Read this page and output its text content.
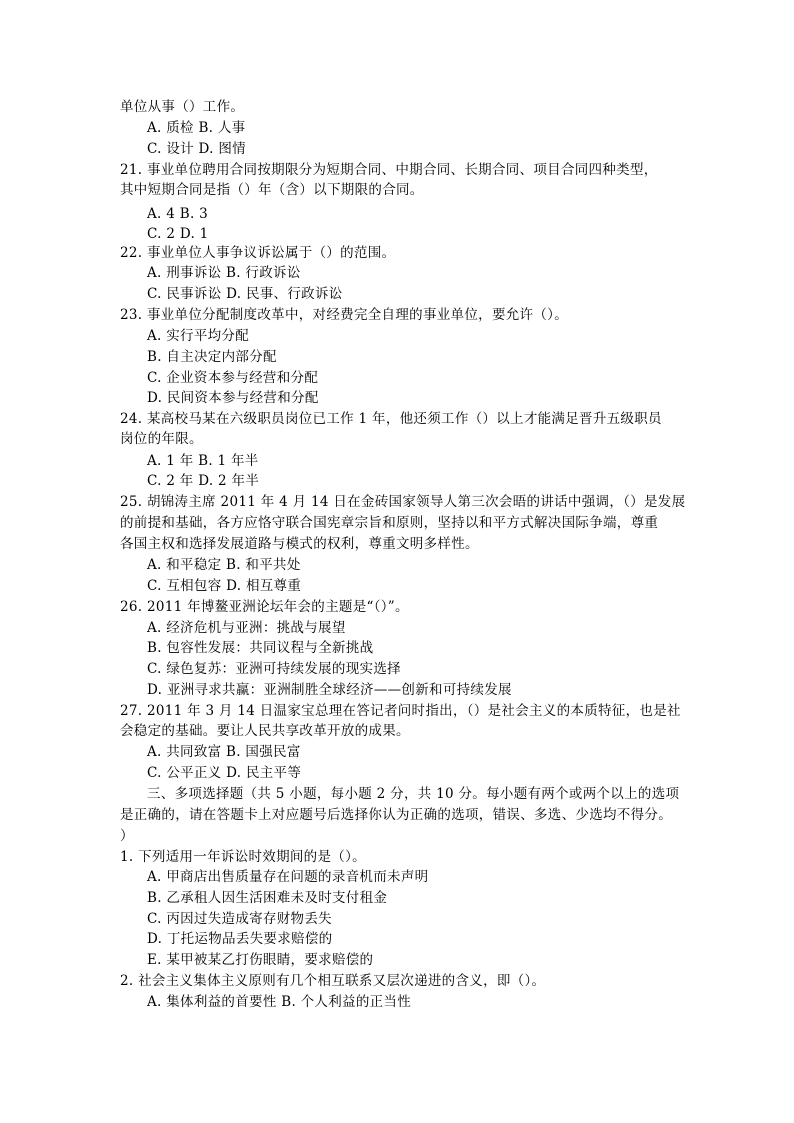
单位从事（）工作。
A. 质检 B. 人事
C. 设计 D. 图情
21. 事业单位聘用合同按期限分为短期合同、中期合同、长期合同、项目合同四种类型，
其中短期合同是指（）年（含）以下期限的合同。
A. 4 B. 3
C. 2 D. 1
22. 事业单位人事争议诉讼属于（）的范围。
A. 刑事诉讼 B. 行政诉讼
C. 民事诉讼 D. 民事、行政诉讼
23. 事业单位分配制度改革中，对经费完全自理的事业单位，要允许（）。
A. 实行平均分配
B. 自主决定内部分配
C. 企业资本参与经营和分配
D. 民间资本参与经营和分配
24. 某高校马某在六级职员岗位已工作 1 年，他还须工作（）以上才能满足晋升五级职员
岗位的年限。
A. 1 年 B. 1 年半
C. 2 年 D. 2 年半
25. 胡锦涛主席 2011 年 4 月 14 日在金砖国家领导人第三次会晤的讲话中强调，（）是发展
的前提和基础，各方应恪守联合国宪章宗旨和原则，坚持以和平方式解决国际争端，尊重
各国主权和选择发展道路与模式的权利，尊重文明多样性。
A. 和平稳定 B. 和平共处
C. 互相包容 D. 相互尊重
26. 2011 年博鳌亚洲论坛年会的主题是“（）”。
A. 经济危机与亚洲：挑战与展望
B. 包容性发展：共同议程与全新挑战
C. 绿色复苏：亚洲可持续发展的现实选择
D. 亚洲寻求共赢：亚洲制胜全球经济——创新和可持续发展
27. 2011 年 3 月 14 日温家宝总理在答记者问时指出，（）是社会主义的本质特征，也是社
会稳定的基础。要让人民共享改革开放的成果。
A. 共同致富 B. 国强民富
C. 公平正义 D. 民主平等
三、多项选择题（共 5 小题，每小题 2 分，共 10 分。每小题有两个或两个以上的选项
是正确的，请在答题卡上对应题号后选择你认为正确的选项，错误、多选、少选均不得分。
）
1. 下列适用一年诉讼时效期间的是（）。
A. 甲商店出售质量存在问题的录音机而未声明
B. 乙承租人因生活困难未及时支付租金
C. 丙因过失造成寄存财物丢失
D. 丁托运物品丢失要求赔偿的
E. 某甲被某乙打伤眼睛，要求赔偿的
2. 社会主义集体主义原则有几个相互联系又层次递进的含义，即（）。
A. 集体利益的首要性 B. 个人利益的正当性
